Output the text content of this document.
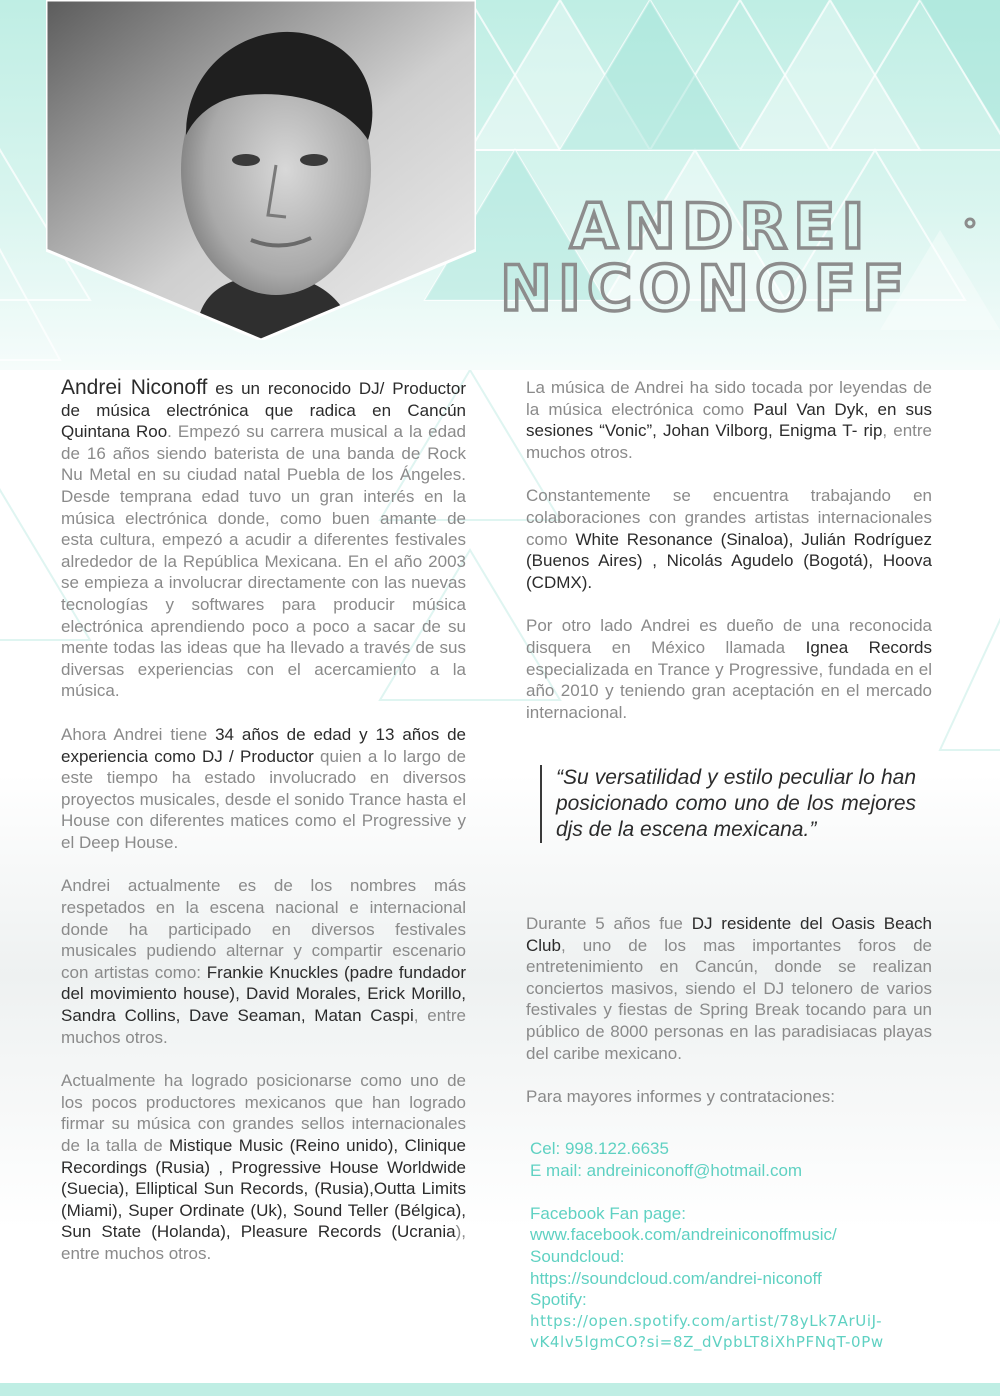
ANDREI
NICONOFF

Andrei Niconoff es un reconocido DJ/ Productor de música electrónica que radica en Cancún Quintana Roo. Empezó su carrera musical a la edad de 16 años siendo baterista de una banda de Rock Nu Metal en su ciudad natal Puebla de los Ángeles. Desde temprana edad tuvo un gran interés en la música electrónica donde, como buen amante de esta cultura, empezó a acudir a diferentes festivales alrededor de la República Mexicana. En el año 2003 se empieza a involucrar directamente con las nuevas tecnologías y softwares para producir música electrónica aprendiendo poco a poco a sacar de su mente todas las ideas que ha llevado a través de sus diversas experiencias con el acercamiento a la música.

Ahora Andrei tiene 34 años de edad y 13 años de experiencia como DJ / Productor quien a lo largo de este tiempo ha estado involucrado en diversos proyectos musicales, desde el sonido Trance hasta el House con diferentes matices como el Progressive y el Deep House.

Andrei actualmente es de los nombres más respetados en la escena nacional e internacional donde ha participado en diversos festivales musicales pudiendo alternar y compartir escenario con artistas como: Frankie Knuckles (padre fundador del movimiento house), David Morales, Erick Morillo, Sandra Collins, Dave Seaman, Matan Caspi, entre muchos otros.

Actualmente ha logrado posicionarse como uno de los pocos productores mexicanos que han logrado firmar su música con grandes sellos internacionales de la talla de Mistique Music (Reino unido), Clinique Recordings (Rusia) , Progressive House Worldwide (Suecia), Elliptical Sun Records, (Rusia),Outta Limits (Miami), Super Ordinate (Uk), Sound Teller (Bélgica), Sun State (Holanda), Pleasure Records (Ucrania), entre muchos otros.

La música de Andrei ha sido tocada por leyendas de la música electrónica como Paul Van Dyk, en sus sesiones “Vonic”, Johan Vilborg, Enigma T- rip, entre muchos otros.

Constantemente se encuentra trabajando en colaboraciones con grandes artistas internacionales como White Resonance (Sinaloa), Julián Rodríguez (Buenos Aires) , Nicolás Agudelo (Bogotá), Hoova (CDMX).

Por otro lado Andrei es dueño de una reconocida disquera en México llamada Ignea Records especializada en Trance y Progressive, fundada en el año 2010 y teniendo gran aceptación en el mercado internacional.

“Su versatilidad y estilo peculiar lo han posicionado como uno de los mejores djs de la escena mexicana.”

Durante 5 años fue DJ residente del Oasis Beach Club, uno de los mas importantes foros de entretenimiento en Cancún, donde se realizan conciertos masivos, siendo el DJ telonero de varios festivales y fiestas de Spring Break tocando para un público de 8000 personas en las paradisiacas playas del caribe mexicano.

Para mayores informes y contrataciones:

Cel: 998.122.6635
E mail: andreiniconoff@hotmail.com
Facebook Fan page:
www.facebook.com/andreiniconoffmusic/
Soundcloud:
https://soundcloud.com/andrei-niconoff
Spotify:
https://open.spotify.com/artist/78yLk7ArUiJ-
vK4lv5lgmCO?si=8Z_dVpbLT8iXhPFNqT-0Pw
